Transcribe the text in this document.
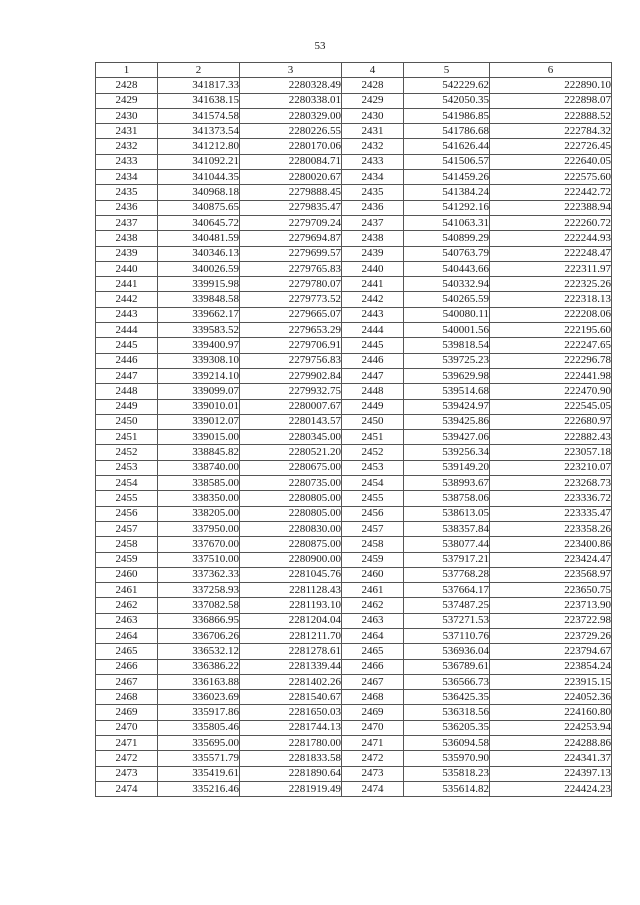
53
1	2	3	4	5	6
2428	341817.33	2280328.49	2428	542229.62	222890.10
2429	341638.15	2280338.01	2429	542050.35	222898.07
2430	341574.58	2280329.00	2430	541986.85	222888.52
2431	341373.54	2280226.55	2431	541786.68	222784.32
2432	341212.80	2280170.06	2432	541626.44	222726.45
2433	341092.21	2280084.71	2433	541506.57	222640.05
2434	341044.35	2280020.67	2434	541459.26	222575.60
2435	340968.18	2279888.45	2435	541384.24	222442.72
2436	340875.65	2279835.47	2436	541292.16	222388.94
2437	340645.72	2279709.24	2437	541063.31	222260.72
2438	340481.59	2279694.87	2438	540899.29	222244.93
2439	340346.13	2279699.57	2439	540763.79	222248.47
2440	340026.59	2279765.83	2440	540443.66	222311.97
2441	339915.98	2279780.07	2441	540332.94	222325.26
2442	339848.58	2279773.52	2442	540265.59	222318.13
2443	339662.17	2279665.07	2443	540080.11	222208.06
2444	339583.52	2279653.29	2444	540001.56	222195.60
2445	339400.97	2279706.91	2445	539818.54	222247.65
2446	339308.10	2279756.83	2446	539725.23	222296.78
2447	339214.10	2279902.84	2447	539629.98	222441.98
2448	339099.07	2279932.75	2448	539514.68	222470.90
2449	339010.01	2280007.67	2449	539424.97	222545.05
2450	339012.07	2280143.57	2450	539425.86	222680.97
2451	339015.00	2280345.00	2451	539427.06	222882.43
2452	338845.82	2280521.20	2452	539256.34	223057.18
2453	338740.00	2280675.00	2453	539149.20	223210.07
2454	338585.00	2280735.00	2454	538993.67	223268.73
2455	338350.00	2280805.00	2455	538758.06	223336.72
2456	338205.00	2280805.00	2456	538613.05	223335.47
2457	337950.00	2280830.00	2457	538357.84	223358.26
2458	337670.00	2280875.00	2458	538077.44	223400.86
2459	337510.00	2280900.00	2459	537917.21	223424.47
2460	337362.33	2281045.76	2460	537768.28	223568.97
2461	337258.93	2281128.43	2461	537664.17	223650.75
2462	337082.58	2281193.10	2462	537487.25	223713.90
2463	336866.95	2281204.04	2463	537271.53	223722.98
2464	336706.26	2281211.70	2464	537110.76	223729.26
2465	336532.12	2281278.61	2465	536936.04	223794.67
2466	336386.22	2281339.44	2466	536789.61	223854.24
2467	336163.88	2281402.26	2467	536566.73	223915.15
2468	336023.69	2281540.67	2468	536425.35	224052.36
2469	335917.86	2281650.03	2469	536318.56	224160.80
2470	335805.46	2281744.13	2470	536205.35	224253.94
2471	335695.00	2281780.00	2471	536094.58	224288.86
2472	335571.79	2281833.58	2472	535970.90	224341.37
2473	335419.61	2281890.64	2473	535818.23	224397.13
2474	335216.46	2281919.49	2474	535614.82	224424.23
